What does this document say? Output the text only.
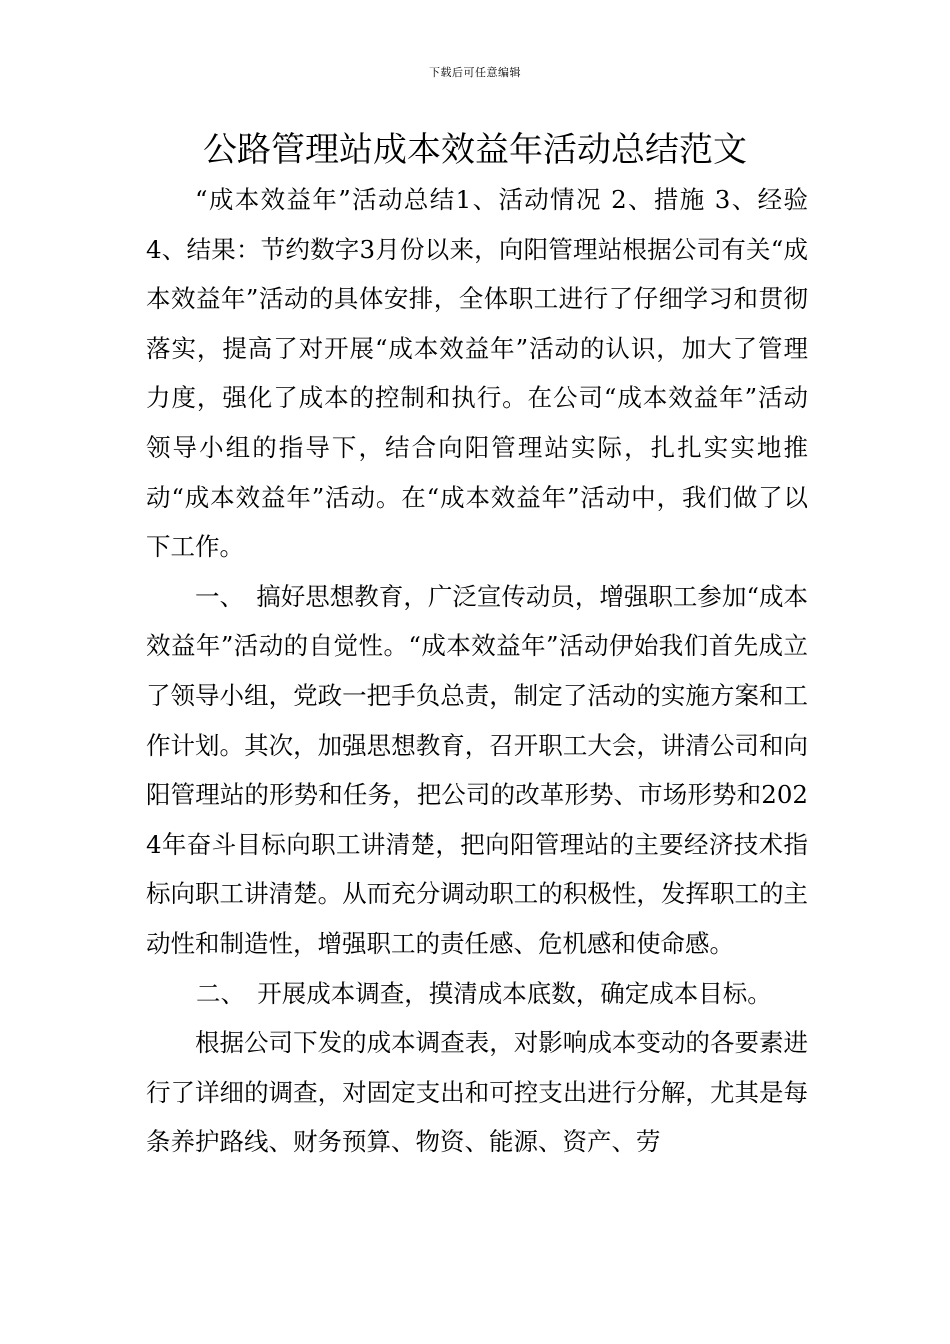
下载后可任意编辑
公路管理站成本效益年活动总结范文

“成本效益年”活动总结1、活动情况 2、措施 3、经验 4、结果：节约数字3月份以来，向阳管理站根据公司有关“成本效益年”活动的具体安排，全体职工进行了仔细学习和贯彻落实，提高了对开展“成本效益年”活动的认识，加大了管理力度，强化了成本的控制和执行。在公司“成本效益年”活动领导小组的指导下，结合向阳管理站实际，扎扎实实地推动“成本效益年”活动。在“成本效益年”活动中，我们做了以下工作。

一、　搞好思想教育，广泛宣传动员，增强职工参加“成本效益年”活动的自觉性。“成本效益年”活动伊始我们首先成立了领导小组，党政一把手负总责，制定了活动的实施方案和工作计划。其次，加强思想教育，召开职工大会，讲清公司和向阳管理站的形势和任务，把公司的改革形势、市场形势和2024年奋斗目标向职工讲清楚，把向阳管理站的主要经济技术指标向职工讲清楚。从而充分调动职工的积极性，发挥职工的主动性和制造性，增强职工的责任感、危机感和使命感。

二、　开展成本调查，摸清成本底数，确定成本目标。

根据公司下发的成本调查表，对影响成本变动的各要素进行了详细的调查，对固定支出和可控支出进行分解，尤其是每条养护路线、财务预算、物资、能源、资产、劳
